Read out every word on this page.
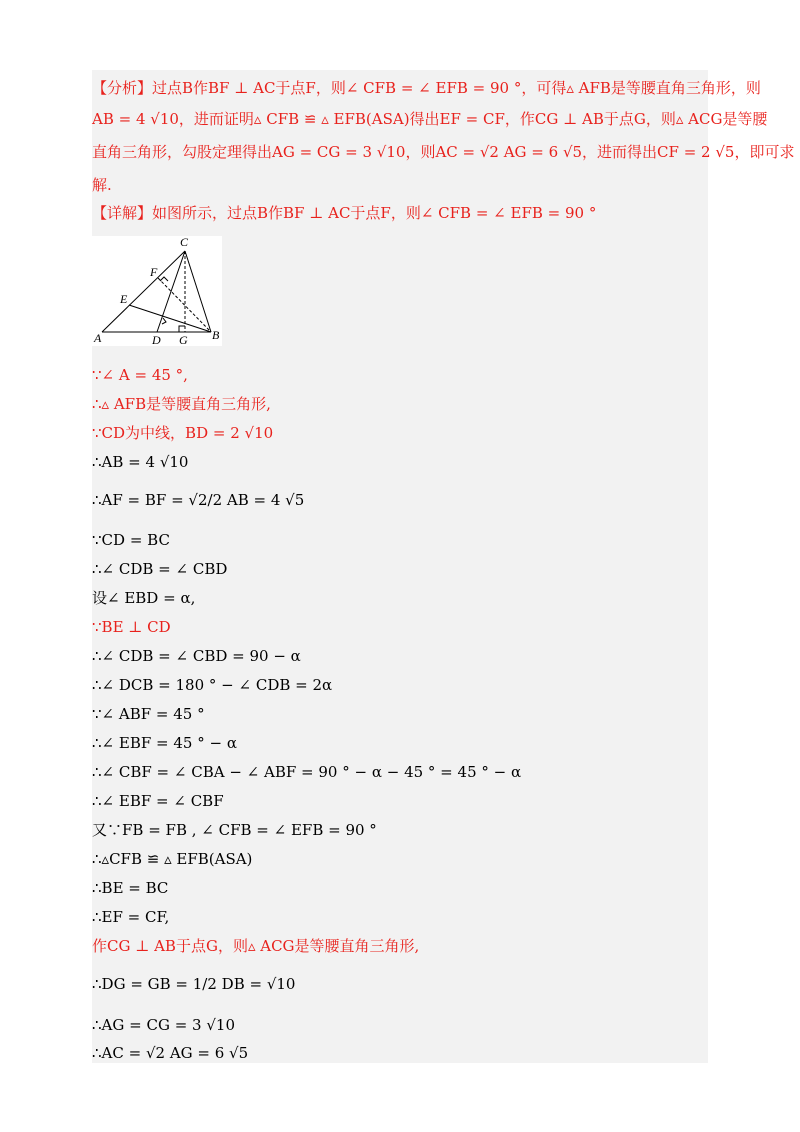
【分析】过点B作BF ⊥ AC于点F，则∠ CFB = ∠ EFB = 90 °，可得▵ AFB是等腰直角三角形，则
AB = 4 √10，进而证明▵ CFB ≌ ▵ EFB(ASA)得出EF = CF，作CG ⊥ AB于点G，则▵ ACG是等腰
直角三角形，勾股定理得出AG = CG = 3 √10，则AC = √2 AG = 6 √5，进而得出CF = 2 √5，即可求
解.
【详解】如图所示，过点B作BF ⊥ AC于点F，则∠ CFB = ∠ EFB = 90 °
C
F
E
A	D G B
∵∠ A = 45 °,
∴▵ AFB是等腰直角三角形,
∵CD为中线，BD = 2 √10
∴AB = 4 √10
∴AF = BF = √2/2 AB = 4 √5
∵CD = BC
∴∠ CDB = ∠ CBD
设∠ EBD = α,
∵BE ⊥ CD
∴∠ CDB = ∠ CBD = 90 − α
∴∠ DCB = 180 ° − ∠ CDB = 2α
∵∠ ABF = 45 °
∴∠ EBF = 45 ° − α
∴∠ CBF = ∠ CBA − ∠ ABF = 90 ° − α − 45 ° = 45 ° − α
∴∠ EBF = ∠ CBF
又∵FB = FB , ∠ CFB = ∠ EFB = 90 °
∴▵CFB ≌ ▵ EFB(ASA)
∴BE = BC
∴EF = CF,
作CG ⊥ AB于点G，则▵ ACG是等腰直角三角形,
∴DG = GB = 1/2 DB = √10
∴AG = CG = 3 √10
∴AC = √2 AG = 6 √5
